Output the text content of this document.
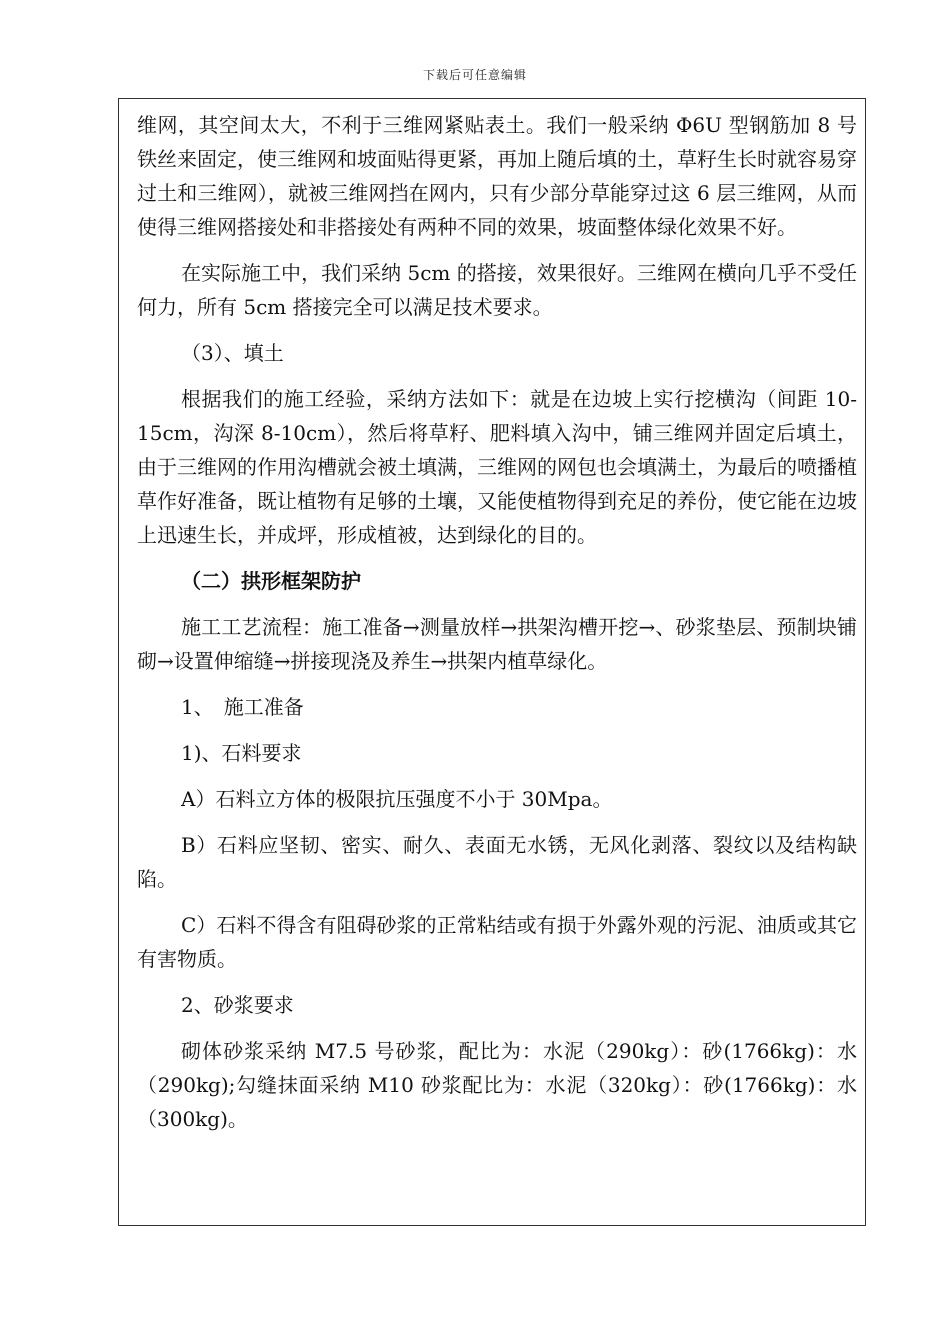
下载后可任意编辑

维网，其空间太大，不利于三维网紧贴表土。我们一般采纳 Φ6U 型钢筋加 8 号铁丝来固定，使三维网和坡面贴得更紧，再加上随后填的土，草籽生长时就容易穿过土和三维网），就被三维网挡在网内，只有少部分草能穿过这 6 层三维网，从而使得三维网搭接处和非搭接处有两种不同的效果，坡面整体绿化效果不好。

在实际施工中，我们采纳 5cm 的搭接，效果很好。三维网在横向几乎不受任何力，所有 5cm 搭接完全可以满足技术要求。

（3）、填土

根据我们的施工经验，采纳方法如下：就是在边坡上实行挖横沟（间距 10-15cm，沟深 8-10cm），然后将草籽、肥料填入沟中，铺三维网并固定后填土，由于三维网的作用沟槽就会被土填满，三维网的网包也会填满土，为最后的喷播植草作好准备，既让植物有足够的土壤，又能使植物得到充足的养份，使它能在边坡上迅速生长，并成坪，形成植被，达到绿化的目的。

（二）拱形框架防护

施工工艺流程：施工准备→测量放样→拱架沟槽开挖→、砂浆垫层、预制块铺砌→设置伸缩缝→拼接现浇及养生→拱架内植草绿化。

1、　施工准备

1)、石料要求

A）石料立方体的极限抗压强度不小于 30Mpa。

B）石料应坚韧、密实、耐久、表面无水锈，无风化剥落、裂纹以及结构缺陷。

C）石料不得含有阻碍砂浆的正常粘结或有损于外露外观的污泥、油质或其它有害物质。

2、砂浆要求

砌体砂浆采纳 M7.5 号砂浆，配比为：水泥（290kg）：砂(1766kg)：水（290kg);勾缝抹面采纳 M10 砂浆配比为：水泥（320kg）：砂(1766kg)：水（300kg)。
